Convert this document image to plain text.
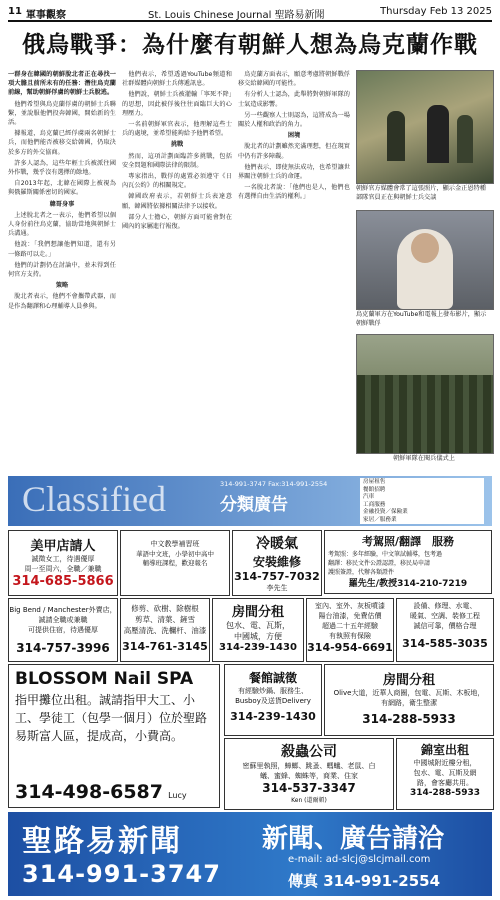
11 軍事觀察	St. Louis Chinese Journal 聖路易新聞	Thursday Feb 13 2025
俄烏戰爭：為什麼有朝鮮人想為烏克蘭作戰

一群身在韓國的朝鮮脫北者正在尋找一項大膽且前所未有的任務：潛往烏克蘭前線，幫助朝鮮俘虜的朝鮮士兵脫逃。

他們希望與烏克蘭俘虜的朝鮮士兵聯繫，並說服他們投奔韓國，開始新的生活。

據報道，烏克蘭已經俘虜兩名朝鮮士兵，而他們能否被移交給韓國，仍取決於多方的外交協商。

許多人認為，這些年輕士兵被派往國外作戰，幾乎沒有選擇的餘地。

自2013年起，北韓在國際上被視為與俄羅斯關係密切的國家。

韓哥身事

上述脫北者之一表示，他們希望以個人身份前往烏克蘭，協助當地與朝鮮士兵溝通。

他說：「我們想讓他們知道，還有另一條路可以走。」

他們的計劃仍在討論中，並未得到任何官方支持。

策略

脫北者表示，他們不會攜帶武器，而是作為翻譯和心理輔導人員參與。

他們表示，希望透過YouTube頻道和社群媒體向朝鮮士兵傳遞訊息。

他們說，朝鮮士兵被灌輸「寧死不降」的思想，因此被俘後往往面臨巨大的心理壓力。

一名前朝鮮軍官表示，他理解這些士兵的處境，並希望能夠給予他們希望。

挑戰

然而，這項計劃面臨許多挑戰，包括安全問題和國際法律的限制。

專家指出，戰俘的處置必須遵守《日內瓦公約》的相關規定。

韓國政府表示，若朝鮮士兵表達意願，韓國將依據相關法律予以接收。

部分人士擔心，朝鮮方面可能會對在國內的家屬進行報復。

烏克蘭方面表示，願意考慮將朝鮮戰俘移交給韓國的可能性。

有分析人士認為，此舉將對朝鮮軍隊的士氣造成影響。

另一些觀察人士則認為，這將成為一場關於人權和政治的角力。

困境

脫北者的計劃雖然充滿理想，但在現實中仍有許多障礙。

他們表示，即使無法成功，也希望讓世界關注朝鮮士兵的命運。

一名脫北者說：「他們也是人，他們也有選擇自由生活的權利。」

朝鮮官方媒體會常了這張照片，顯示金正恩特種部隊官員正在與朝鮮士兵交談
烏克蘭軍方在YouTube和電報上發布影片，顯示朝鮮戰俘
朝鮮軍隊在閱兵儀式上
Classified	分類廣告
314-991-3747 Fax:314-991-2554	房屋租售
餐館招聘
汽車
工商服務
金融投資／保險業
家居／服務業
美甲店請人
誠徵女工，待遇優厚
周一至周六，全職／兼職
314-685-5866
中文教學補習班
華語中文班，小學初中高中
輔導班課程，歡迎報名
冷暖氣
安裝維修
314-757-7032
李先生
考駕照/翻譯　服務
考駕照：多年經驗，中文筆試輔導，包考過
翻譯：移民文件公證認證，移民局申請
護照簽證，代辦各類證件
羅先生/教授314-210-7219
Big Bend / Manchester外賣店，誠請全職或兼職
可提供住宿，待遇優厚
314-757-3996
修剪、砍樹、除樹根
剪草、清葉、鏟雪
高壓清洗、洗欄杆、油漆
314-761-3145
房間分租
包水、電、瓦斯，
中國城，方便
314-239-1430
室內、室外、灰板噴漆
陽台油漆，免費估價
超過二十五年經驗
有執照有保險
314-954-6691
設備、修理、水電、
暖氣、空調、裝修工程
誠信可靠，價格合理
314-585-3035
BLOSSOM Nail SPA
指甲攤位出租。誠請指甲大工、小工、學徒工（包學一個月）位於聖路易斯富人區，提成高，小費高。
314-498-6587 Lucy
餐館誠徵
有經驗炒鍋、服務生、
Busboy及送貨Delivery
314-239-1430
房間分租
Olive大道，近華人商圈，包電、瓦斯、木板地，
有網路，衛生整潔
314-288-5933
殺蟲公司
密蘇里執照，蟑螂、跳蚤、螞蟻、老鼠、白
蟻、蜜蜂、蜘蛛等，商業、住家
314-537-3347
Ken (道爾頓)
錦室出租
中國城附近樓分租，
包水、電、瓦斯及網
路，會客廳共用。
314-288-5933
聖路易新聞	新聞、廣告請洽
314-991-3747
e-mail: ad-slcj@slcjmail.com
傳真 314-991-2554
